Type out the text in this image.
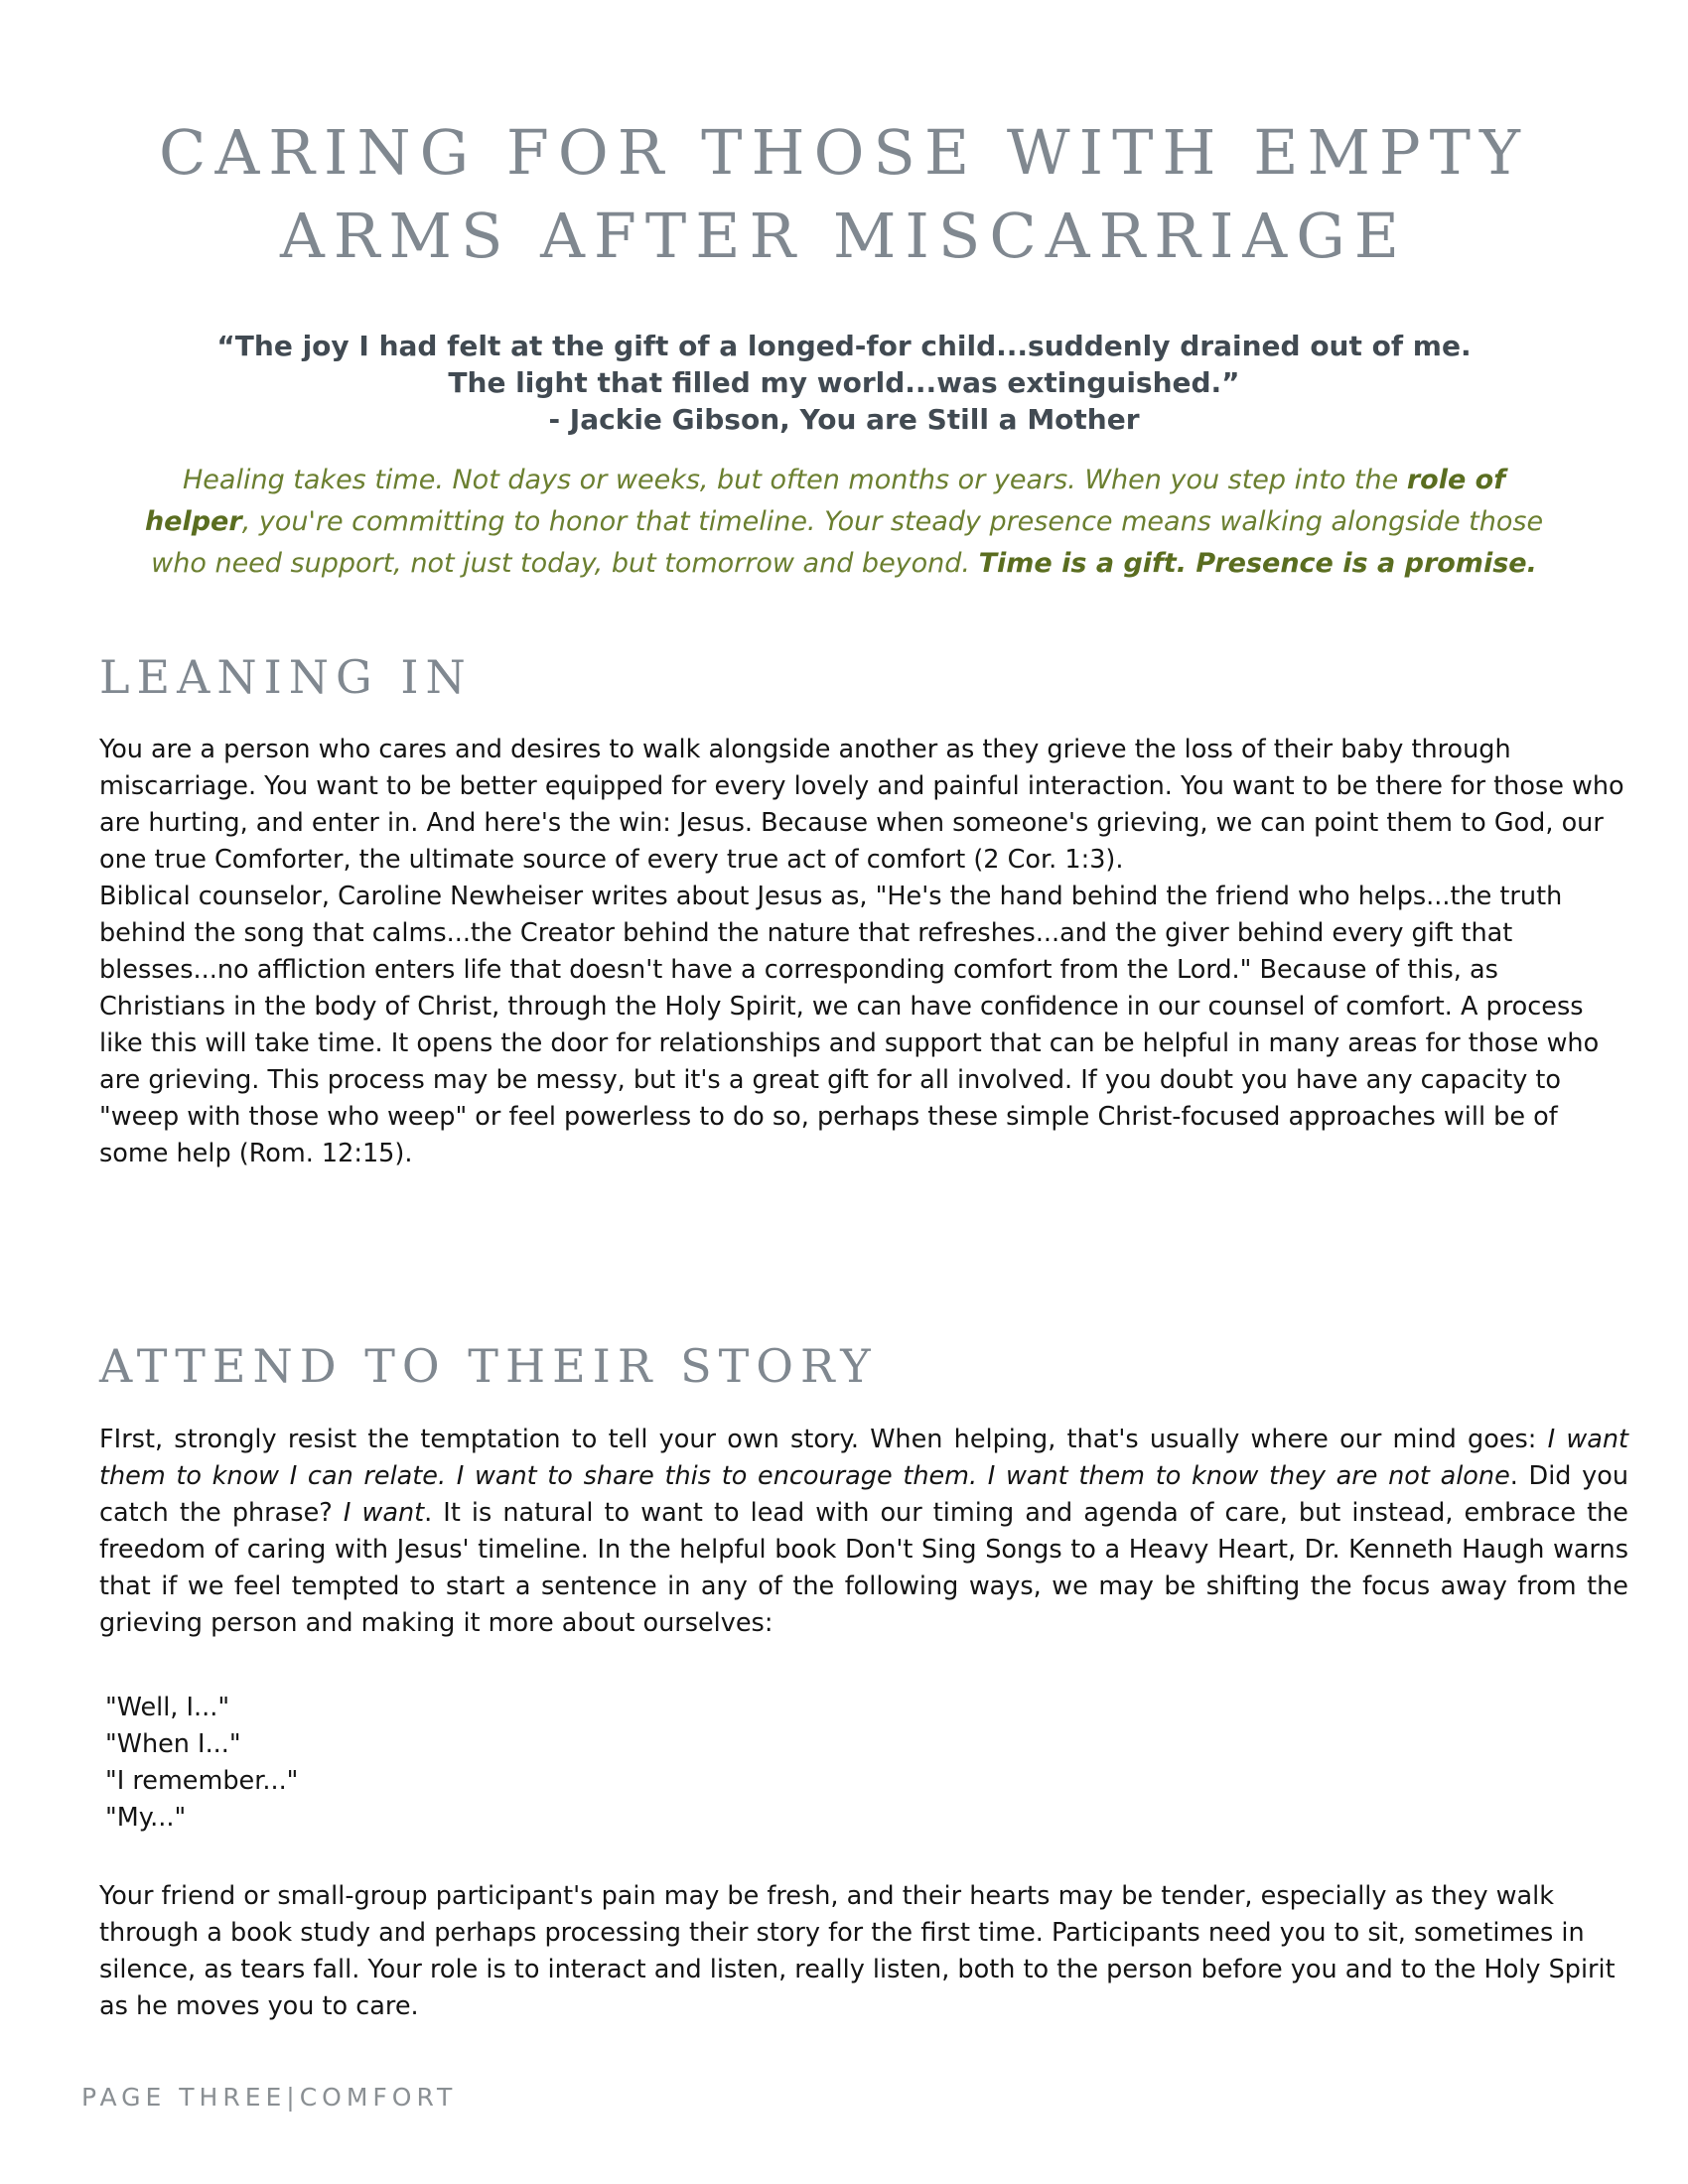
CARING FOR THOSE WITH EMPTY
ARMS AFTER MISCARRIAGE
“The joy I had felt at the gift of a longed-for child...suddenly drained out of me.
The light that filled my world...was extinguished.”
- Jackie Gibson, You are Still a Mother

Healing takes time. Not days or weeks, but often months or years. When you step into the role of helper, you're committing to honor that timeline. Your steady presence means walking alongside those who need support, not just today, but tomorrow and beyond. Time is a gift. Presence is a promise.

LEANING IN

You are a person who cares and desires to walk alongside another as they grieve the loss of their baby through miscarriage. You want to be better equipped for every lovely and painful interaction. You want to be there for those who are hurting, and enter in. And here's the win: Jesus. Because when someone's grieving, we can point them to God, our one true Comforter, the ultimate source of every true act of comfort (2 Cor. 1:3).

Biblical counselor, Caroline Newheiser writes about Jesus as, "He's the hand behind the friend who helps...the truth behind the song that calms...the Creator behind the nature that refreshes...and the giver behind every gift that blesses...no affliction enters life that doesn't have a corresponding comfort from the Lord." Because of this, as Christians in the body of Christ, through the Holy Spirit, we can have confidence in our counsel of comfort. A process like this will take time. It opens the door for relationships and support that can be helpful in many areas for those who are grieving. This process may be messy, but it's a great gift for all involved. If you doubt you have any capacity to "weep with those who weep" or feel powerless to do so, perhaps these simple Christ-focused approaches will be of some help (Rom. 12:15).

ATTEND TO THEIR STORY

FIrst, strongly resist the temptation to tell your own story. When helping, that's usually where our mind goes: I want them to know I can relate. I want to share this to encourage them. I want them to know they are not alone. Did you catch the phrase? I want. It is natural to want to lead with our timing and agenda of care, but instead, embrace the freedom of caring with Jesus' timeline. In the helpful book Don't Sing Songs to a Heavy Heart, Dr. Kenneth Haugh warns that if we feel tempted to start a sentence in any of the following ways, we may be shifting the focus away from the grieving person and making it more about ourselves:

"Well, I..."
"When I..."
"I remember..."
"My..."

Your friend or small-group participant's pain may be fresh, and their hearts may be tender, especially as they walk through a book study and perhaps processing their story for the first time. Participants need you to sit, sometimes in silence, as tears fall. Your role is to interact and listen, really listen, both to the person before you and to the Holy Spirit as he moves you to care.

PAGE THREE|COMFORT
